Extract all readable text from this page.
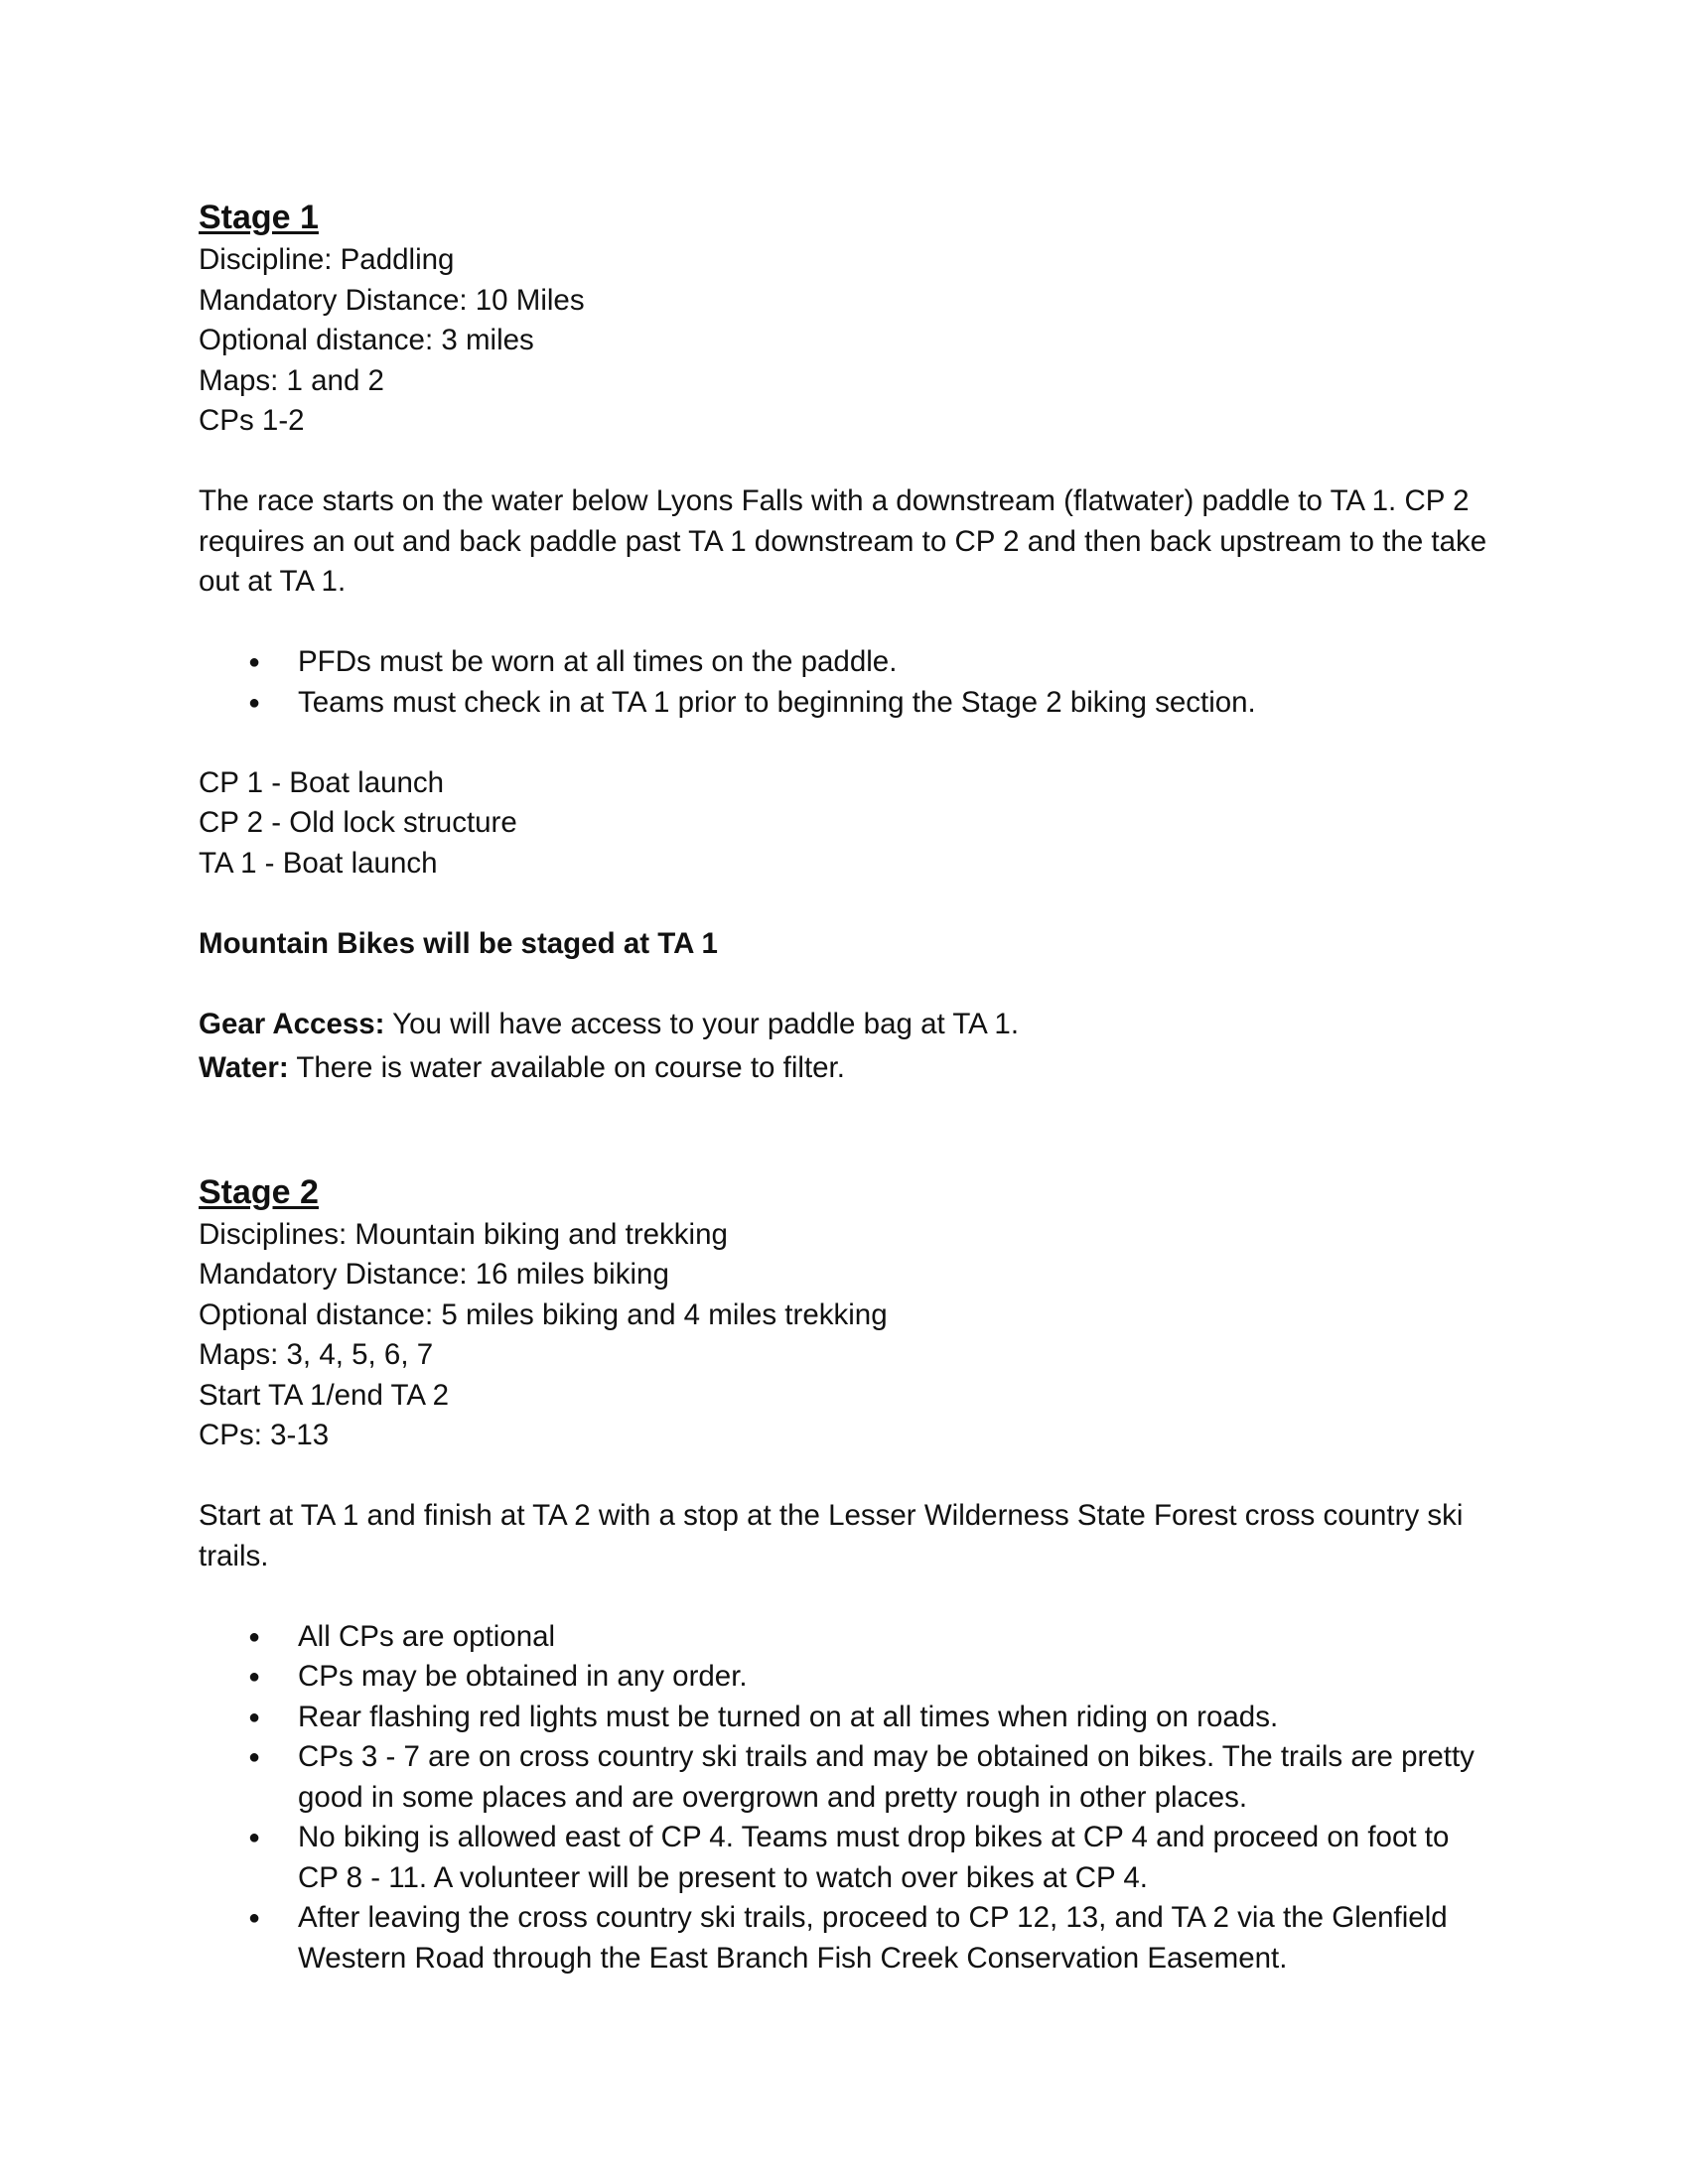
Stage 1

Discipline: Paddling

Mandatory Distance: 10 Miles

Optional distance: 3 miles

Maps: 1 and 2

CPs 1-2

The race starts on the water below Lyons Falls with a downstream (flatwater) paddle to TA 1. CP 2 requires an out and back paddle past TA 1 downstream to CP 2 and then back upstream to the take out at TA 1.

● PFDs must be worn at all times on the paddle.
● Teams must check in at TA 1 prior to beginning the Stage 2 biking section.

CP 1 - Boat launch

CP 2 - Old lock structure

TA 1 - Boat launch

Mountain Bikes will be staged at TA 1

Gear Access: You will have access to your paddle bag at TA 1.

Water: There is water available on course to filter.

Stage 2

Disciplines: Mountain biking and trekking

Mandatory Distance: 16 miles biking

Optional distance: 5 miles biking and 4 miles trekking

Maps: 3, 4, 5, 6, 7

Start TA 1/end TA 2

CPs: 3-13

Start at TA 1 and finish at TA 2 with a stop at the Lesser Wilderness State Forest cross country ski trails.

● All CPs are optional
● CPs may be obtained in any order.
● Rear flashing red lights must be turned on at all times when riding on roads.
● CPs 3 - 7 are on cross country ski trails and may be obtained on bikes. The trails are pretty good in some places and are overgrown and pretty rough in other places.
● No biking is allowed east of CP 4. Teams must drop bikes at CP 4 and proceed on foot to CP 8 - 11. A volunteer will be present to watch over bikes at CP 4.
● After leaving the cross country ski trails, proceed to CP 12, 13, and TA 2 via the Glenfield Western Road through the East Branch Fish Creek Conservation Easement.
